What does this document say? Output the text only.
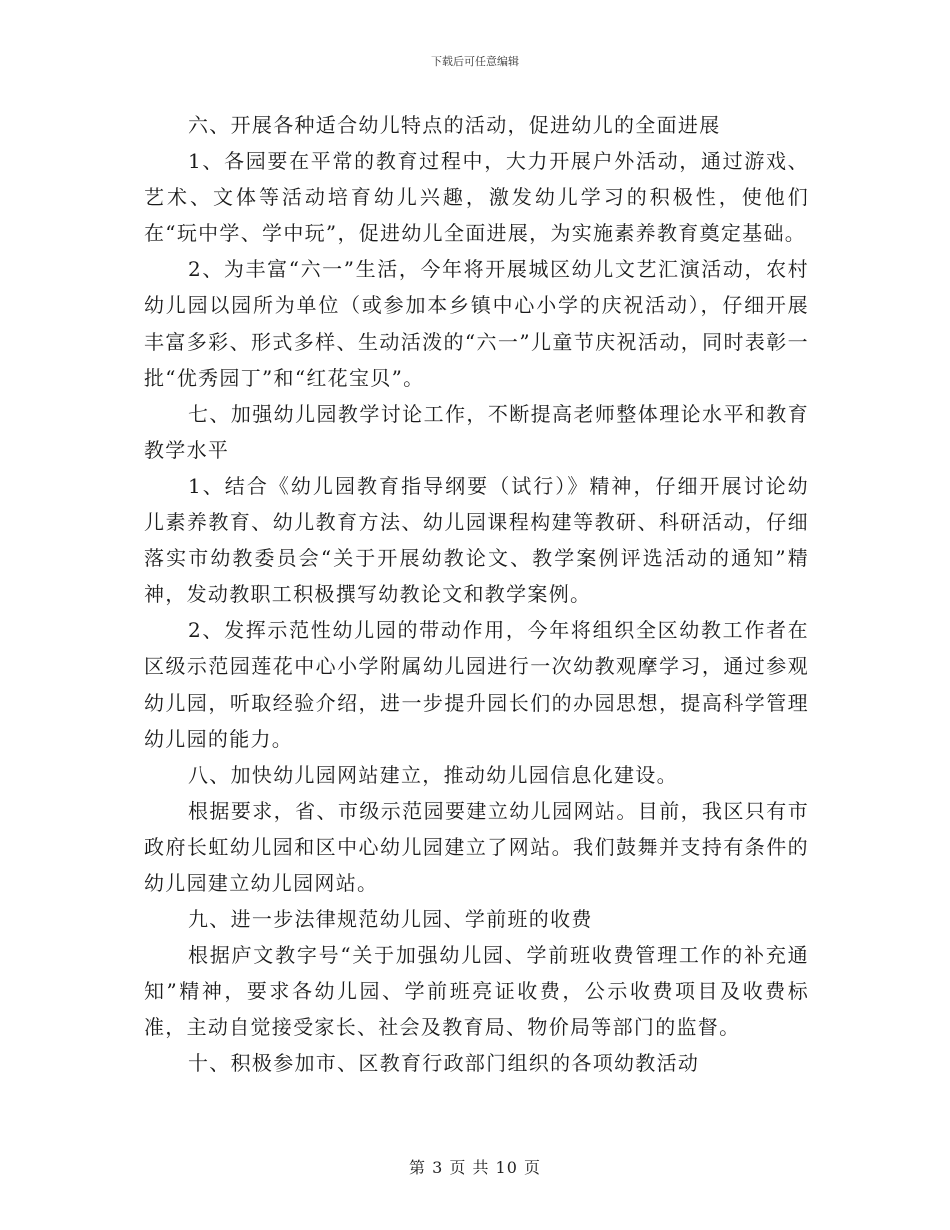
下载后可任意编辑

六、开展各种适合幼儿特点的活动，促进幼儿的全面进展

1、各园要在平常的教育过程中，大力开展户外活动，通过游戏、艺术、文体等活动培育幼儿兴趣，激发幼儿学习的积极性，使他们在“玩中学、学中玩”，促进幼儿全面进展，为实施素养教育奠定基础。

2、为丰富“六一”生活，今年将开展城区幼儿文艺汇演活动，农村幼儿园以园所为单位（或参加本乡镇中心小学的庆祝活动），仔细开展丰富多彩、形式多样、生动活泼的“六一”儿童节庆祝活动，同时表彰一批“优秀园丁”和“红花宝贝”。

七、加强幼儿园教学讨论工作，不断提高老师整体理论水平和教育教学水平

1、结合《幼儿园教育指导纲要（试行）》精神，仔细开展讨论幼儿素养教育、幼儿教育方法、幼儿园课程构建等教研、科研活动，仔细落实市幼教委员会“关于开展幼教论文、教学案例评选活动的通知”精神，发动教职工积极撰写幼教论文和教学案例。

2、发挥示范性幼儿园的带动作用，今年将组织全区幼教工作者在区级示范园莲花中心小学附属幼儿园进行一次幼教观摩学习，通过参观幼儿园，听取经验介绍，进一步提升园长们的办园思想，提高科学管理幼儿园的能力。

八、加快幼儿园网站建立，推动幼儿园信息化建设。

根据要求，省、市级示范园要建立幼儿园网站。目前，我区只有市政府长虹幼儿园和区中心幼儿园建立了网站。我们鼓舞并支持有条件的幼儿园建立幼儿园网站。

九、进一步法律规范幼儿园、学前班的收费

根据庐文教字号“关于加强幼儿园、学前班收费管理工作的补充通知”精神，要求各幼儿园、学前班亮证收费，公示收费项目及收费标准，主动自觉接受家长、社会及教育局、物价局等部门的监督。

十、积极参加市、区教育行政部门组织的各项幼教活动

第 3 页 共 10 页
